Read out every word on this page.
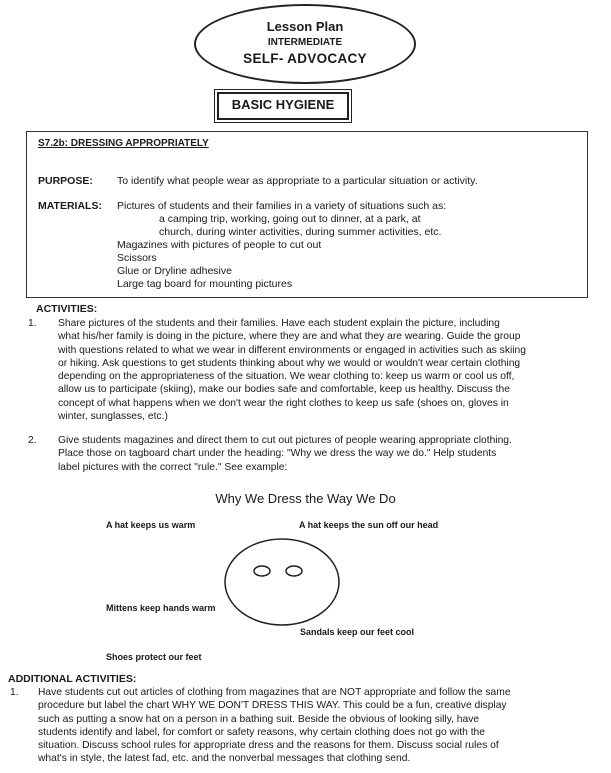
Lesson Plan
INTERMEDIATE
SELF- ADVOCACY
BASIC HYGIENE
S7.2b: DRESSING APPROPRIATELY
PURPOSE: To identify what people wear as appropriate to a particular situation or activity.
MATERIALS: Pictures of students and their families in a variety of situations such as:
a camping trip, working, going out to dinner, at a park, at
church, during winter activities, during summer activities, etc.
Magazines with pictures of people to cut out
Scissors
Glue or Dryline adhesive
Large tag board for mounting pictures
ACTIVITIES:
1. Share pictures of the students and their families. Have each student explain the picture, including
what his/her family is doing in the picture, where they are and what they are wearing. Guide the group
with questions related to what we wear in different environments or engaged in activities such as skiing
or hiking. Ask questions to get students thinking about why we would or wouldn't wear certain clothing
depending on the appropriateness of the situation. We wear clothing to: keep us warm or cool us off,
allow us to participate (skiing), make our bodies safe and comfortable, keep us healthy. Discuss the
concept of what happens when we don't wear the right clothes to keep us safe (shoes on, gloves in
winter, sunglasses, etc.)
2. Give students magazines and direct them to cut out pictures of people wearing appropriate clothing.
Place those on tagboard chart under the heading: "Why we dress the way we do." Help students
label pictures with the correct "rule." See example:
Why We Dress the Way We Do
A hat keeps us warm	A hat keeps the sun off our head
Mittens keep hands warm
Sandals keep our feet cool
Shoes protect our feet
ADDITIONAL ACTIVITIES:
1. Have students cut out articles of clothing from magazines that are NOT appropriate and follow the same
procedure but label the chart WHY WE DON'T DRESS THIS WAY. This could be a fun, creative display
such as putting a snow hat on a person in a bathing suit. Beside the obvious of looking silly, have
students identify and label, for comfort or safety reasons, why certain clothing does not go with the
situation. Discuss school rules for appropriate dress and the reasons for them. Discuss social rules of
what's in style, the latest fad, etc. and the nonverbal messages that clothing send.
